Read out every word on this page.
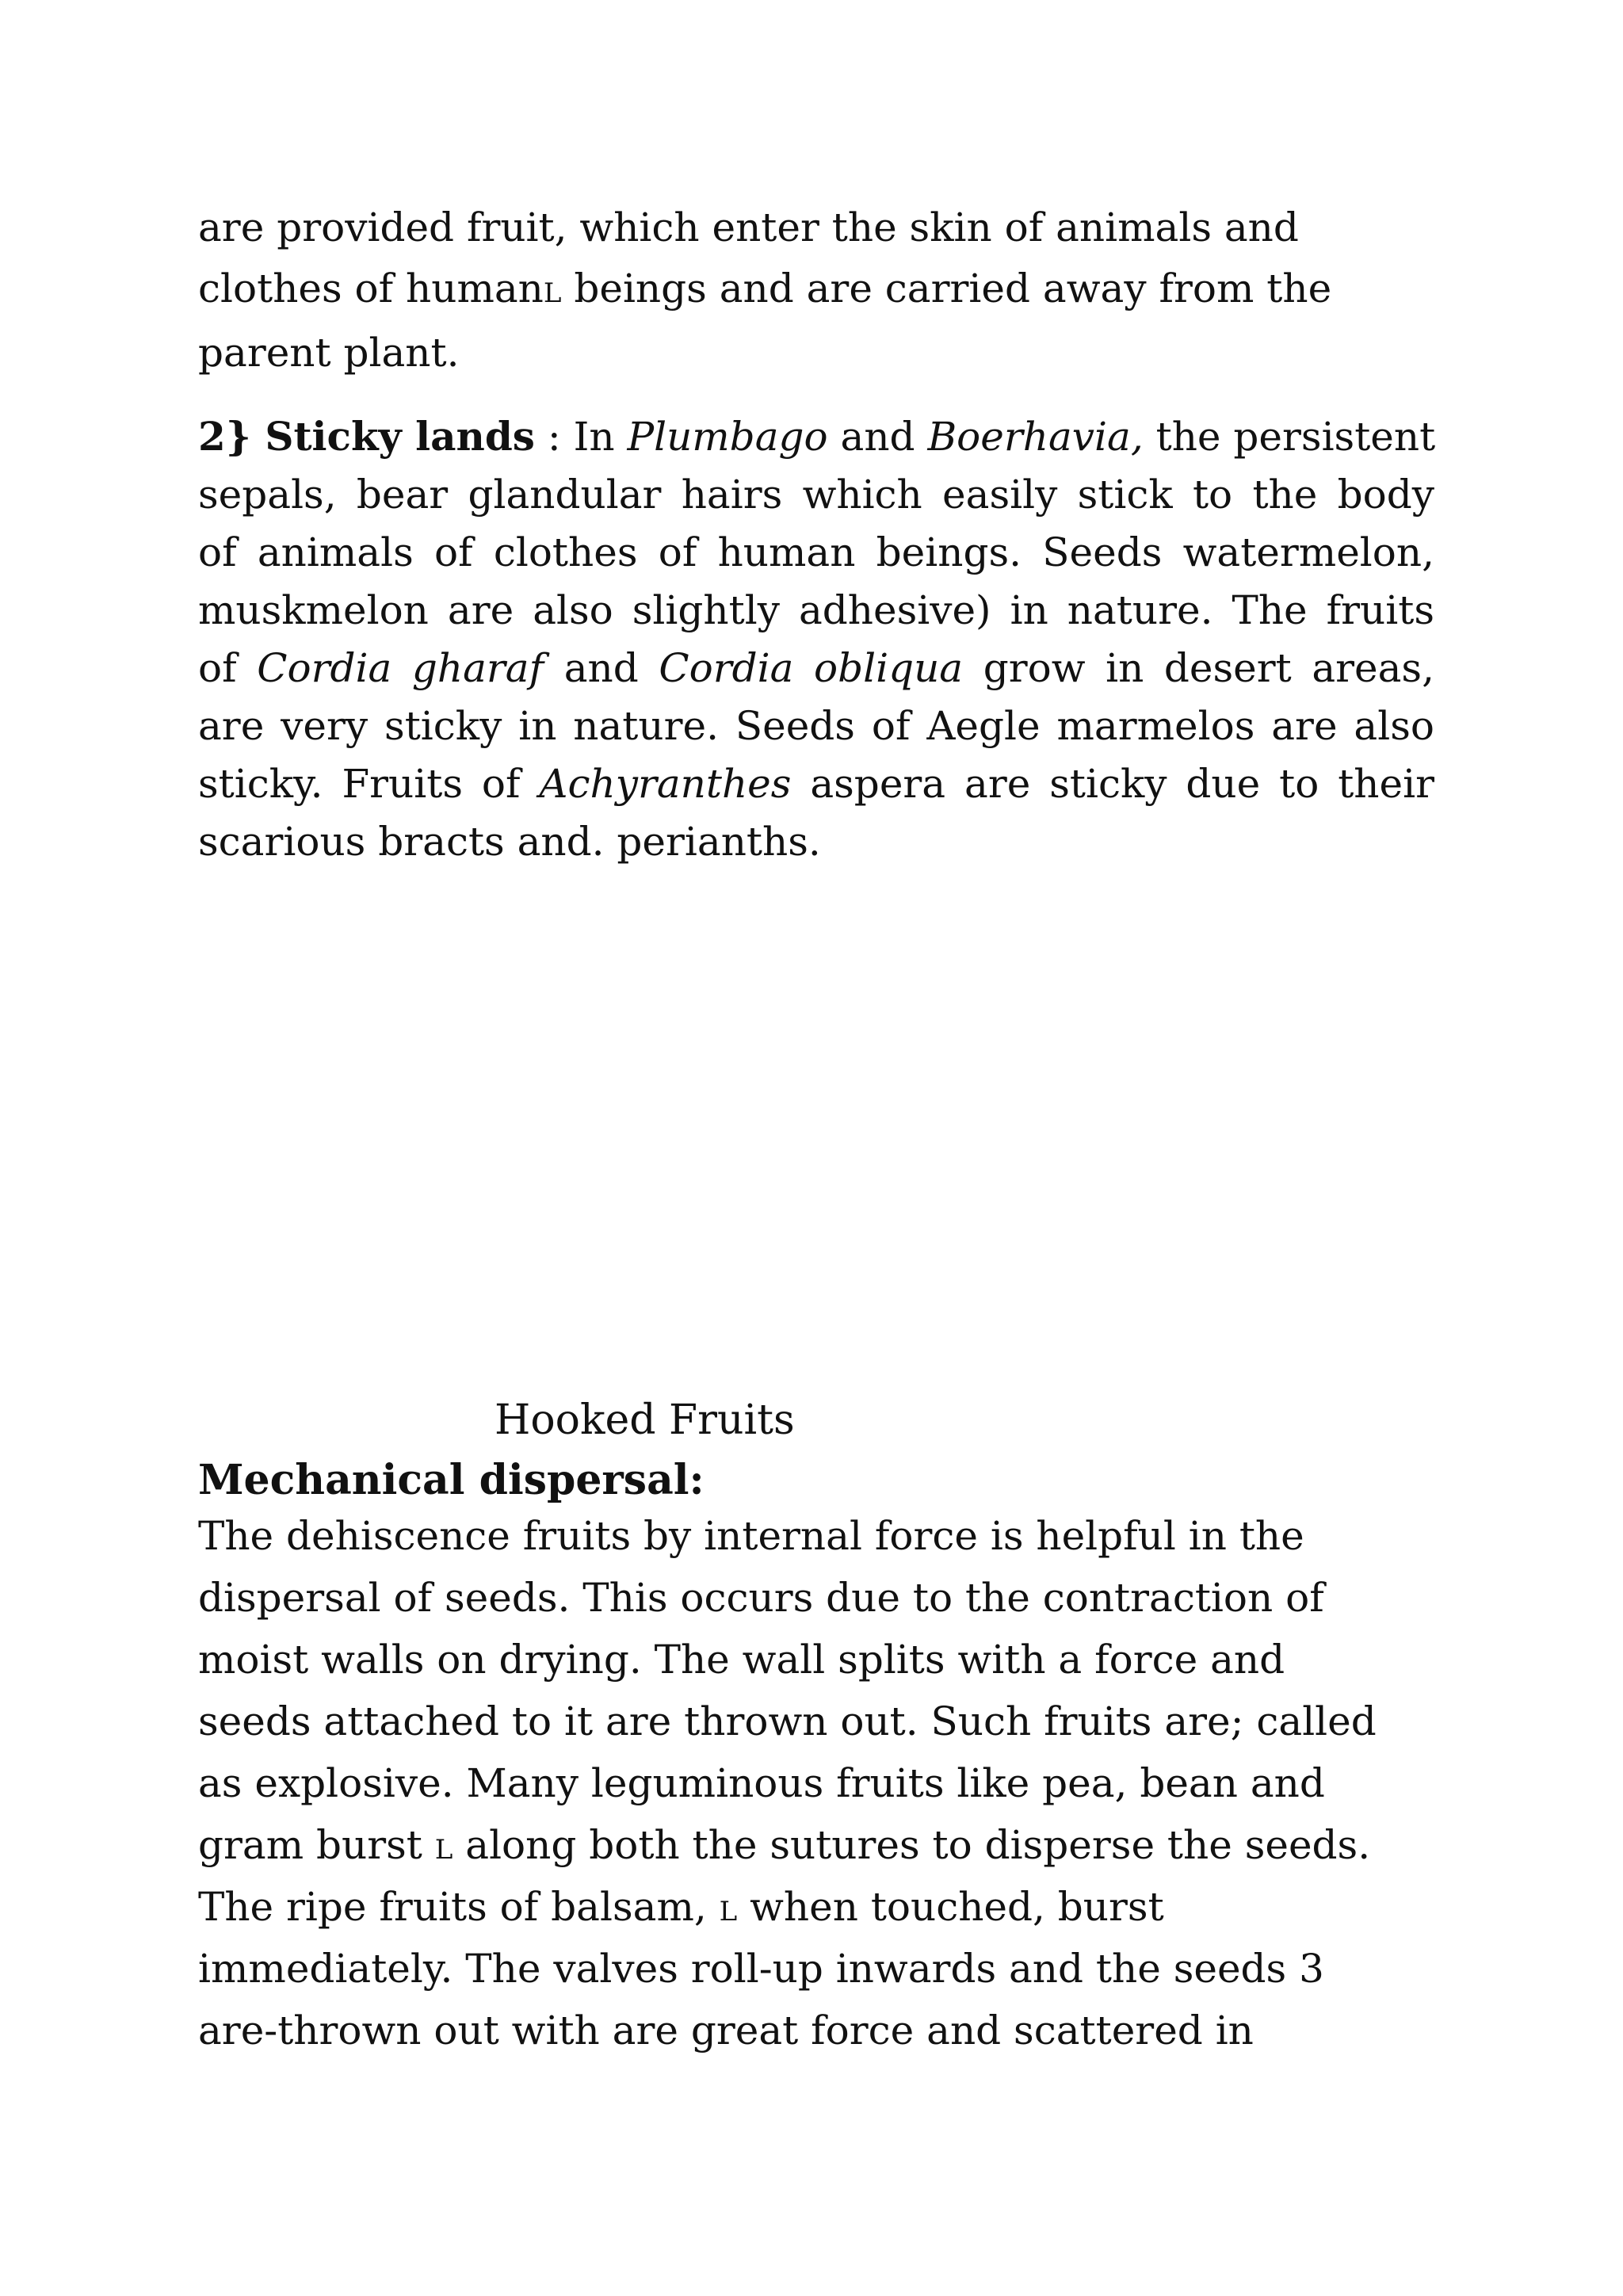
are provided fruit, which enter the skin of animals and
clothes of humanL beings and are carried away from the
parent plant.
2} Sticky lands : In Plumbago and Boerhavia, the persistent
sepals, bear glandular hairs which easily stick to the body
of animals of clothes of human beings. Seeds watermelon,
muskmelon are also slightly adhesive) in nature. The fruits
of Cordia gharaf and Cordia obliqua grow in desert areas,
are very sticky in nature. Seeds of Aegle marmelos are also
sticky. Fruits of Achyranthes aspera are sticky due to their
scarious bracts and. perianths.
Hooked Fruits
Mechanical dispersal:
The dehiscence fruits by internal force is helpful in the
dispersal of seeds. This occurs due to the contraction of
moist walls on drying. The wall splits with a force and
seeds attached to it are thrown out. Such fruits are; called
as explosive. Many leguminous fruits like pea, bean and
gram burst L along both the sutures to disperse the seeds.
The ripe fruits of balsam, L when touched, burst
immediately. The valves roll-up inwards and the seeds 3
are-thrown out with are great force and scattered in
